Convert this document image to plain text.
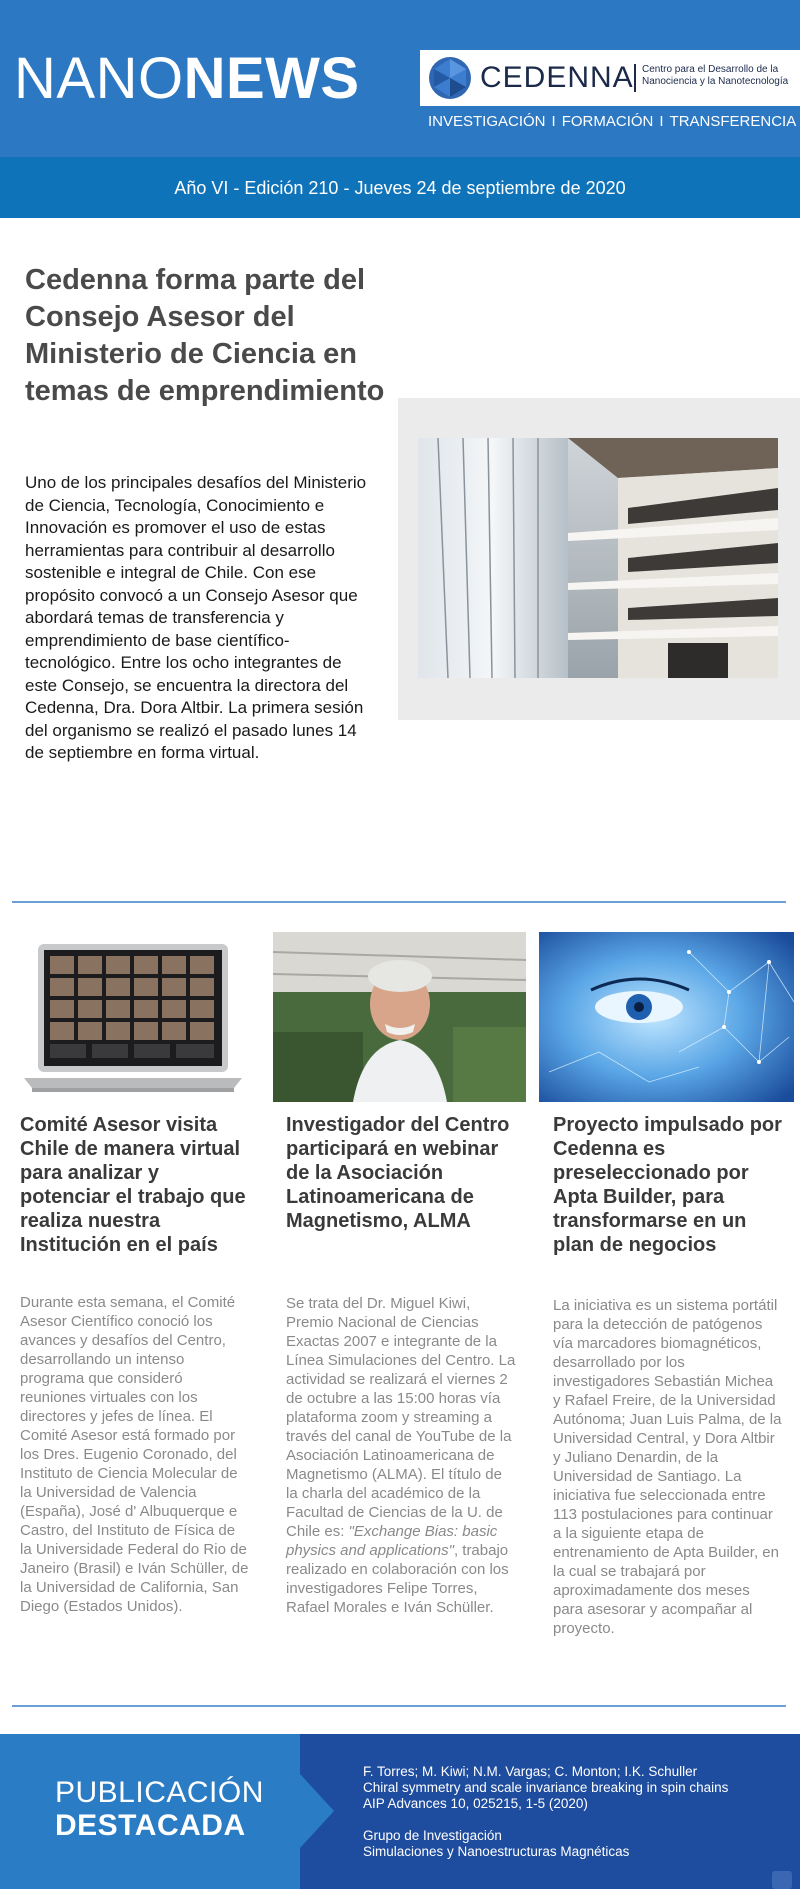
NANONEWS	CEDENNA Centro para el Desarrollo de la Nanociencia y la Nanotecnología
INVESTIGACIÓN I FORMACIÓN I TRANSFERENCIA
Año VI - Edición 210 - Jueves 24 de septiembre de 2020
Cedenna forma parte del Consejo Asesor del Ministerio de Ciencia en temas de emprendimiento

Uno de los principales desafíos del Ministerio de Ciencia, Tecnología, Conocimiento e Innovación es promover el uso de estas herramientas para contribuir al desarrollo sostenible e integral de Chile. Con ese propósito convocó a un Consejo Asesor que abordará temas de transferencia y emprendimiento de base científico-tecnológico. Entre los ocho integrantes de este Consejo, se encuentra la directora del Cedenna, Dra. Dora Altbir. La primera sesión del organismo se realizó el pasado lunes 14 de septiembre en forma virtual.

Comité Asesor visita Chile de manera virtual para analizar y potenciar el trabajo que realiza nuestra Institución en el país

Durante esta semana, el Comité Asesor Científico conoció los avances y desafíos del Centro, desarrollando un intenso programa que consideró reuniones virtuales con los directores y jefes de línea. El Comité Asesor está formado por los Dres. Eugenio Coronado, del Instituto de Ciencia Molecular de la Universidad de Valencia (España), José d' Albuquerque e Castro, del Instituto de Física de la Universidade Federal do Rio de Janeiro (Brasil) e Iván Schüller, de la Universidad de California, San Diego (Estados Unidos).

Investigador del Centro participará en webinar de la Asociación Latinoamericana de Magnetismo, ALMA

Se trata del Dr. Miguel Kiwi, Premio Nacional de Ciencias Exactas 2007 e integrante de la Línea Simulaciones del Centro. La actividad se realizará el viernes 2 de octubre a las 15:00 horas vía plataforma zoom y streaming a través del canal de YouTube de la Asociación Latinoamericana de Magnetismo (ALMA). El título de la charla del académico de la Facultad de Ciencias de la U. de Chile es: "Exchange Bias: basic physics and applications", trabajo realizado en colaboración con los investigadores Felipe Torres, Rafael Morales e Iván Schüller.

Proyecto impulsado por Cedenna es preseleccionado por Apta Builder, para transformarse en un plan de negocios

La iniciativa es un sistema portátil para la detección de patógenos vía marcadores biomagnéticos, desarrollado por los investigadores Sebastián Michea y Rafael Freire, de la Universidad Autónoma; Juan Luis Palma, de la Universidad Central, y Dora Altbir y Juliano Denardin, de la Universidad de Santiago. La iniciativa fue seleccionada entre 113 postulaciones para continuar a la siguiente etapa de entrenamiento de Apta Builder, en la cual se trabajará por aproximadamente dos meses para asesorar y acompañar al proyecto.

PUBLICACIÓN
DESTACADA

F. Torres; M. Kiwi; N.M. Vargas; C. Monton; I.K. Schuller

Chiral symmetry and scale invariance breaking in spin chains

AIP Advances 10, 025215, 1-5 (2020)

Grupo de Investigación

Simulaciones y Nanoestructuras Magnéticas
